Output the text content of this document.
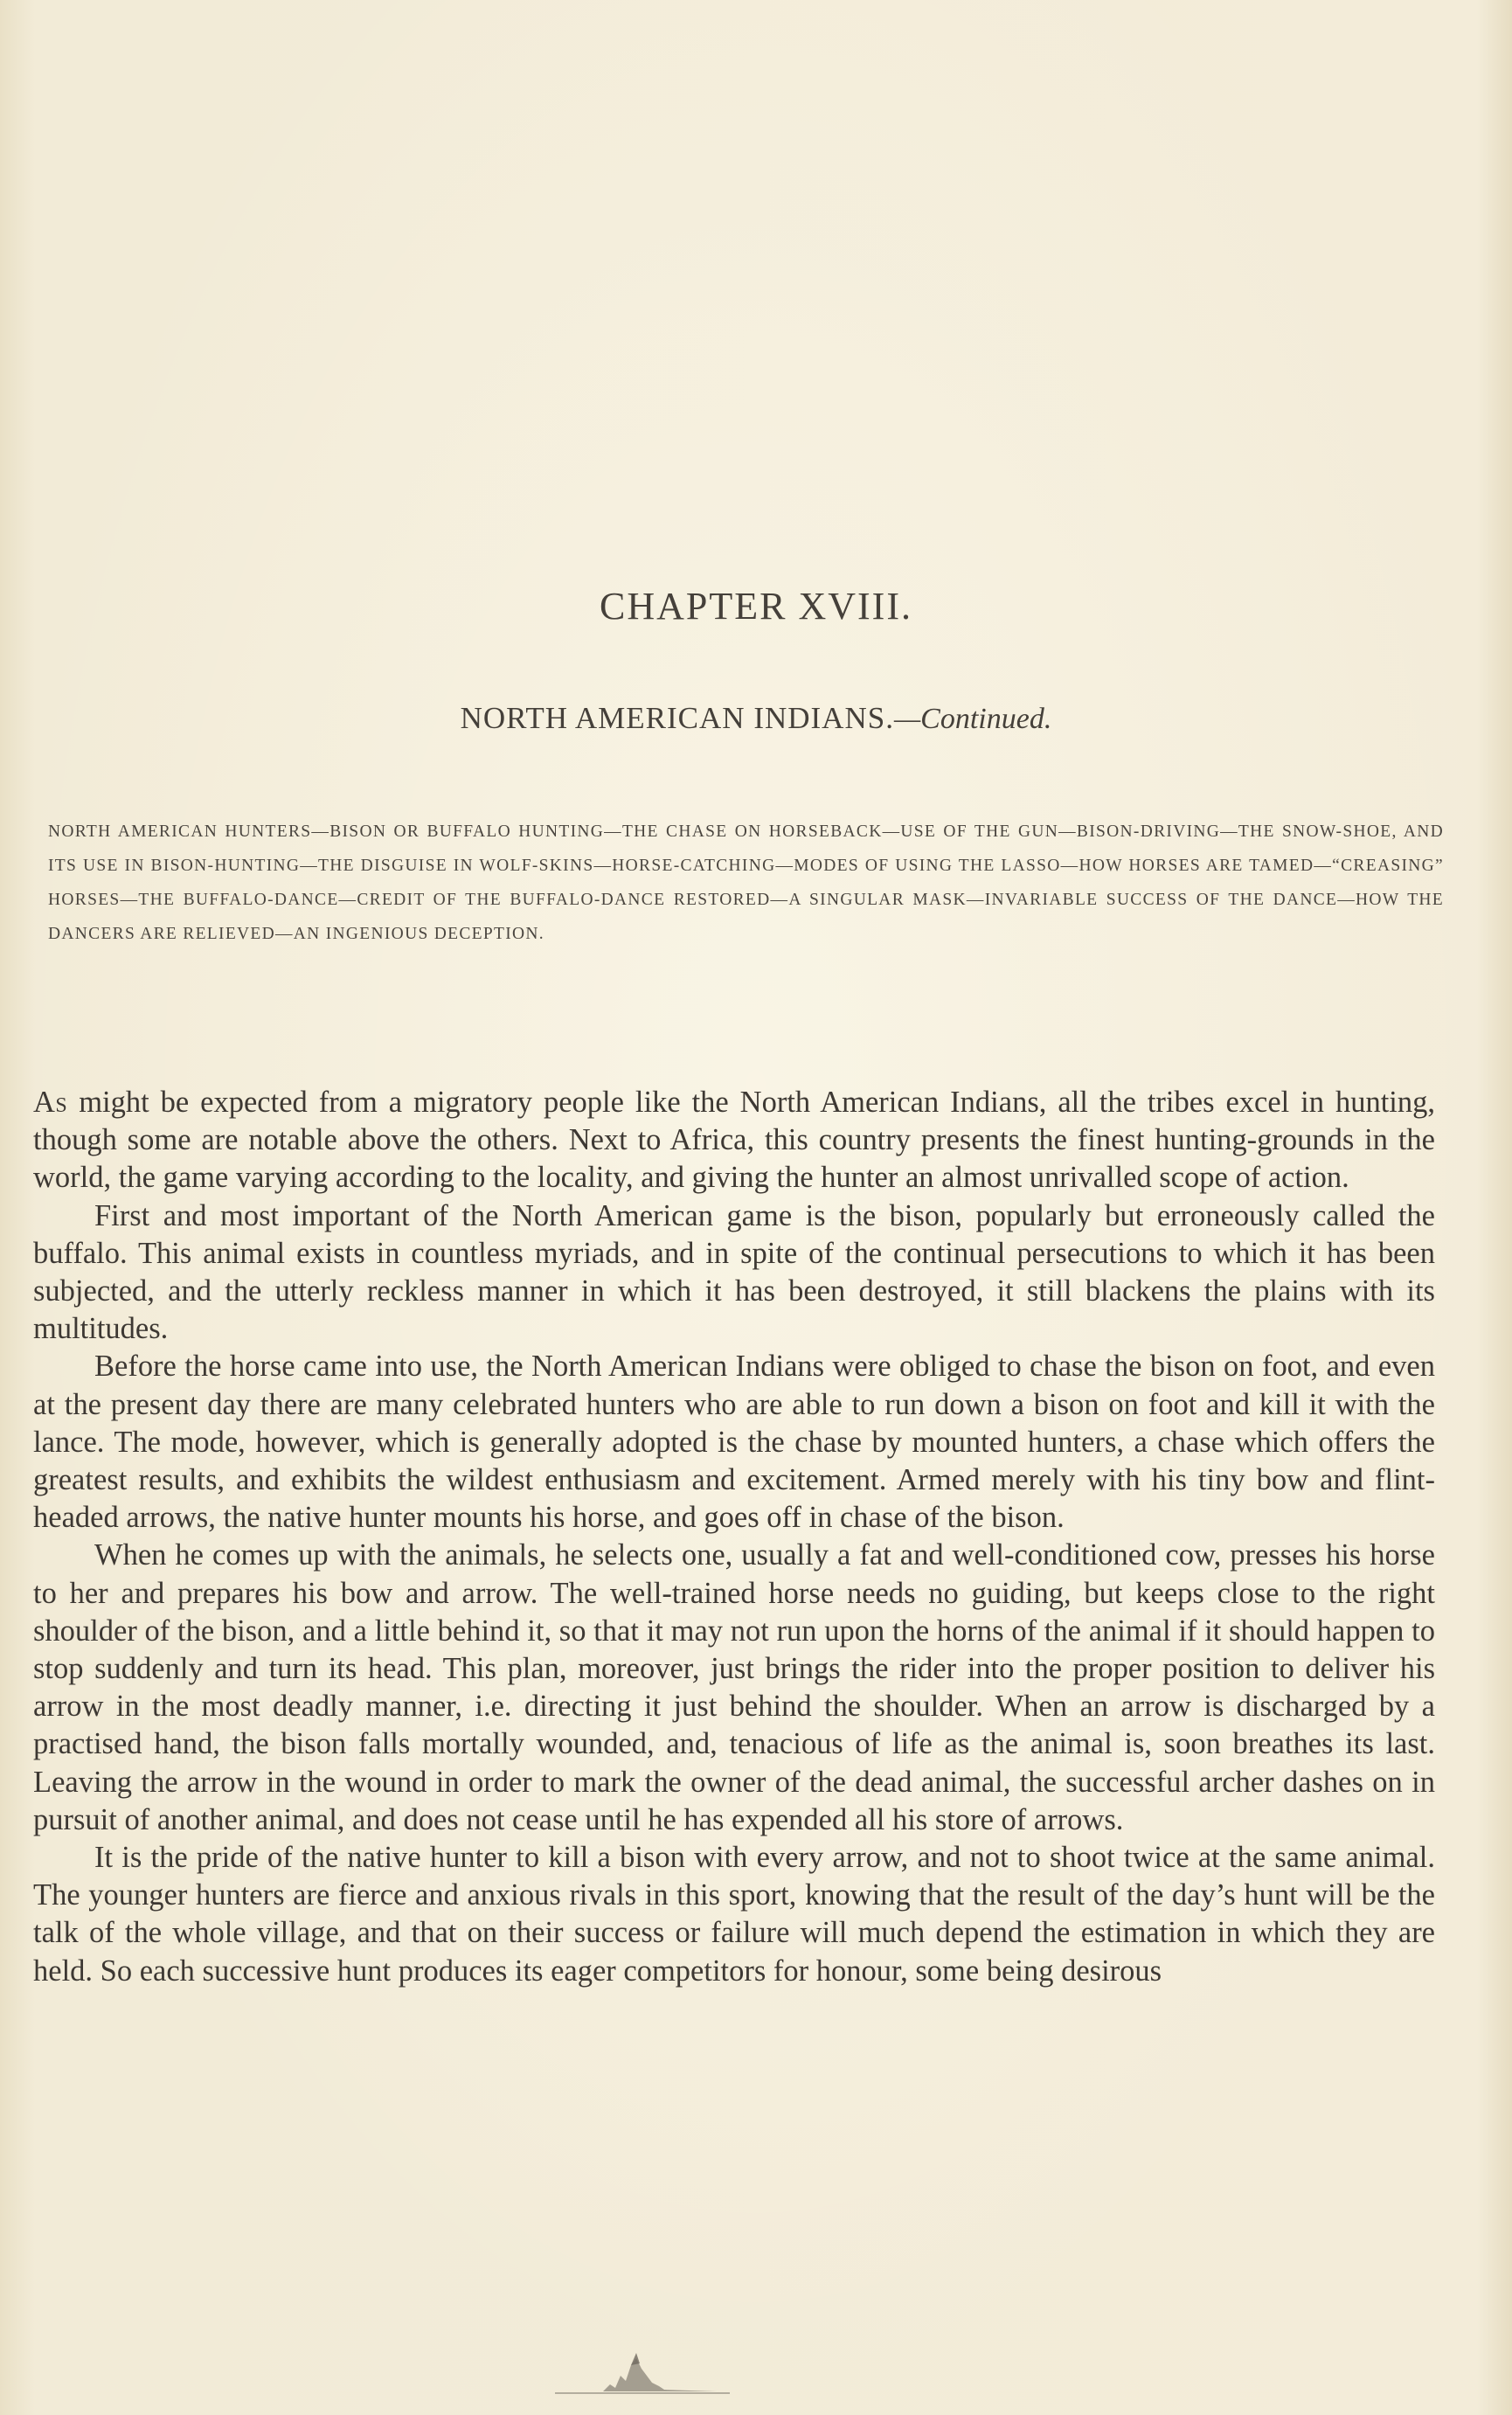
CHAPTER XVIII.
NORTH AMERICAN INDIANS.—Continued.

NORTH AMERICAN HUNTERS—BISON OR BUFFALO HUNTING—THE CHASE ON HORSEBACK—USE OF THE GUN—BISON-DRIVING—THE SNOW-SHOE, AND ITS USE IN BISON-HUNTING—THE DISGUISE IN WOLF-SKINS—HORSE-CATCHING—MODES OF USING THE LASSO—HOW HORSES ARE TAMED—“CREASING” HORSES—THE BUFFALO-DANCE—CREDIT OF THE BUFFALO-DANCE RESTORED—A SINGULAR MASK—INVARIABLE SUCCESS OF THE DANCE—HOW THE DANCERS ARE RELIEVED—AN INGENIOUS DECEPTION.

As might be expected from a migratory people like the North American Indians, all the tribes excel in hunting, though some are notable above the others. Next to Africa, this country presents the finest hunting-grounds in the world, the game varying according to the locality, and giving the hunter an almost unrivalled scope of action.

First and most important of the North American game is the bison, popularly but erroneously called the buffalo. This animal exists in countless myriads, and in spite of the continual persecutions to which it has been subjected, and the utterly reckless manner in which it has been destroyed, it still blackens the plains with its multitudes.

Before the horse came into use, the North American Indians were obliged to chase the bison on foot, and even at the present day there are many celebrated hunters who are able to run down a bison on foot and kill it with the lance. The mode, however, which is generally adopted is the chase by mounted hunters, a chase which offers the greatest results, and exhibits the wildest enthusiasm and excitement. Armed merely with his tiny bow and flint-headed arrows, the native hunter mounts his horse, and goes off in chase of the bison.

When he comes up with the animals, he selects one, usually a fat and well-conditioned cow, presses his horse to her and prepares his bow and arrow. The well-trained horse needs no guiding, but keeps close to the right shoulder of the bison, and a little behind it, so that it may not run upon the horns of the animal if it should happen to stop suddenly and turn its head. This plan, moreover, just brings the rider into the proper position to deliver his arrow in the most deadly manner, i.e. directing it just behind the shoulder. When an arrow is discharged by a practised hand, the bison falls mortally wounded, and, tenacious of life as the animal is, soon breathes its last. Leaving the arrow in the wound in order to mark the owner of the dead animal, the successful archer dashes on in pursuit of another animal, and does not cease until he has expended all his store of arrows.

It is the pride of the native hunter to kill a bison with every arrow, and not to shoot twice at the same animal. The younger hunters are fierce and anxious rivals in this sport, knowing that the result of the day’s hunt will be the talk of the whole village, and that on their success or failure will much depend the estimation in which they are held. So each successive hunt produces its eager competitors for honour, some being desirous
